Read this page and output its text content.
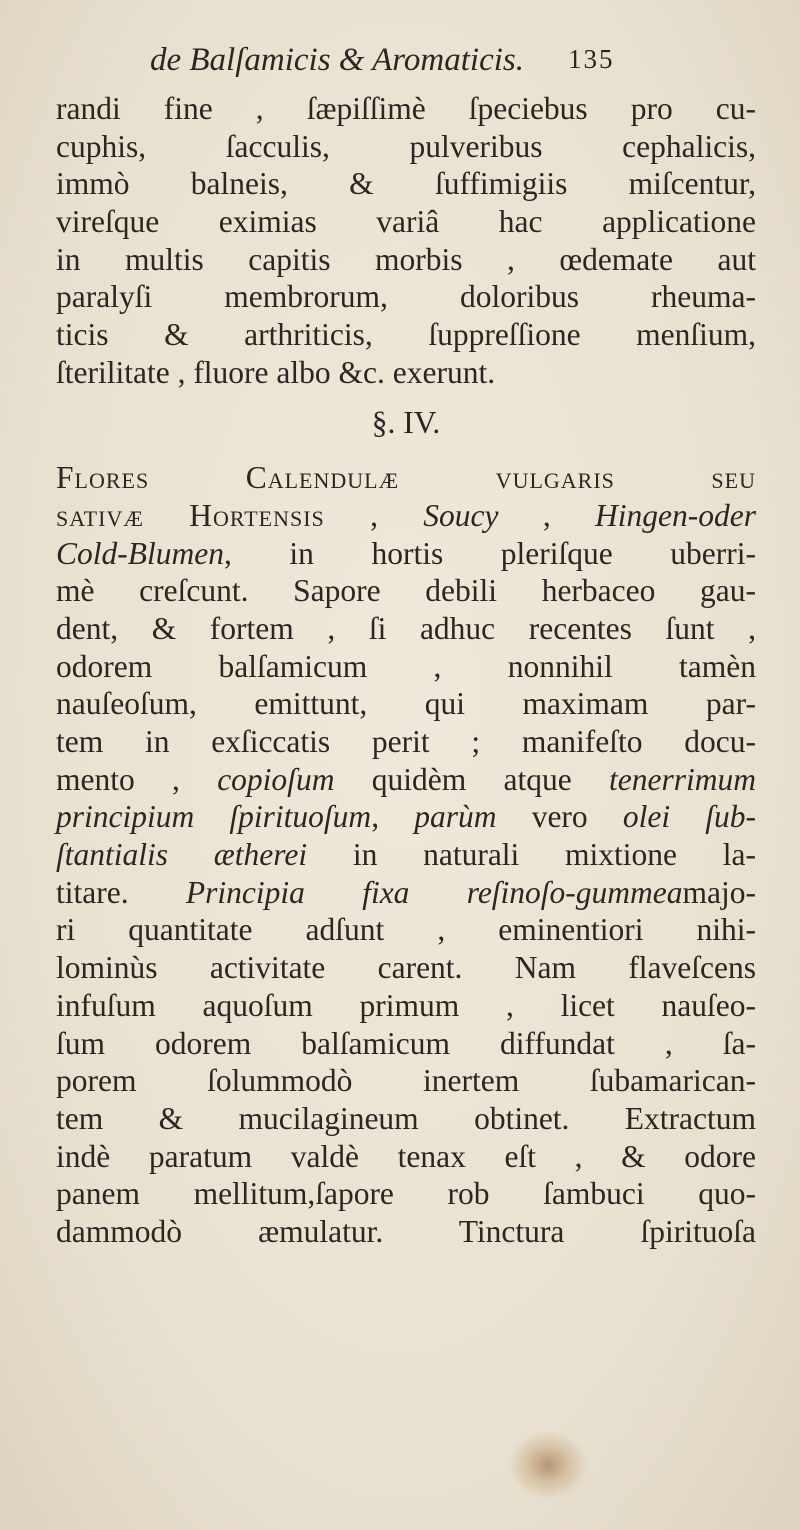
de Balſamicis & Aromaticis. 135
randi fine , ſæpiſſimè ſpeciebus pro cu-
cuphis, ſacculis, pulveribus cephalicis,
immò balneis, & ſuffimigiis miſcentur,
vireſque eximias variâ hac applicatione
in multis capitis morbis , œdemate aut
paralyſi membrorum, doloribus rheuma-
ticis & arthriticis, ſuppreſſione menſium,
ſterilitate , fluore albo &c. exerunt.
§. IV.
Flores Calendulæ vulgaris ſeu
sativæ Hortensis , Soucy , Hingen-oder
Cold-Blumen, in hortis pleriſque uberri-
mè creſcunt. Sapore debili herbaceo gau-
dent, & fortem , ſi adhuc recentes ſunt ,
odorem balſamicum , nonnihil tamèn
nauſeoſum, emittunt, qui maximam par-
tem in exſiccatis perit ; manifeſto docu-
mento , copioſum quidèm atque tenerrimum
principium ſpirituoſum, parùm vero olei ſub-
ſtantialis ætherei in naturali mixtione la-
titare. Principia fixa reſinoſo-gummeamajo-
ri quantitate adſunt , eminentiori nihi-
lominùs activitate carent. Nam flaveſcens
infuſum aquoſum primum , licet nauſeo-
ſum odorem balſamicum diffundat , ſa-
porem ſolummodò inertem ſubamarican-
tem & mucilagineum obtinet. Extractum
indè paratum valdè tenax eſt , & odore
panem mellitum,ſapore rob ſambuci quo-
dammodò æmulatur. Tinctura ſpirituoſa
